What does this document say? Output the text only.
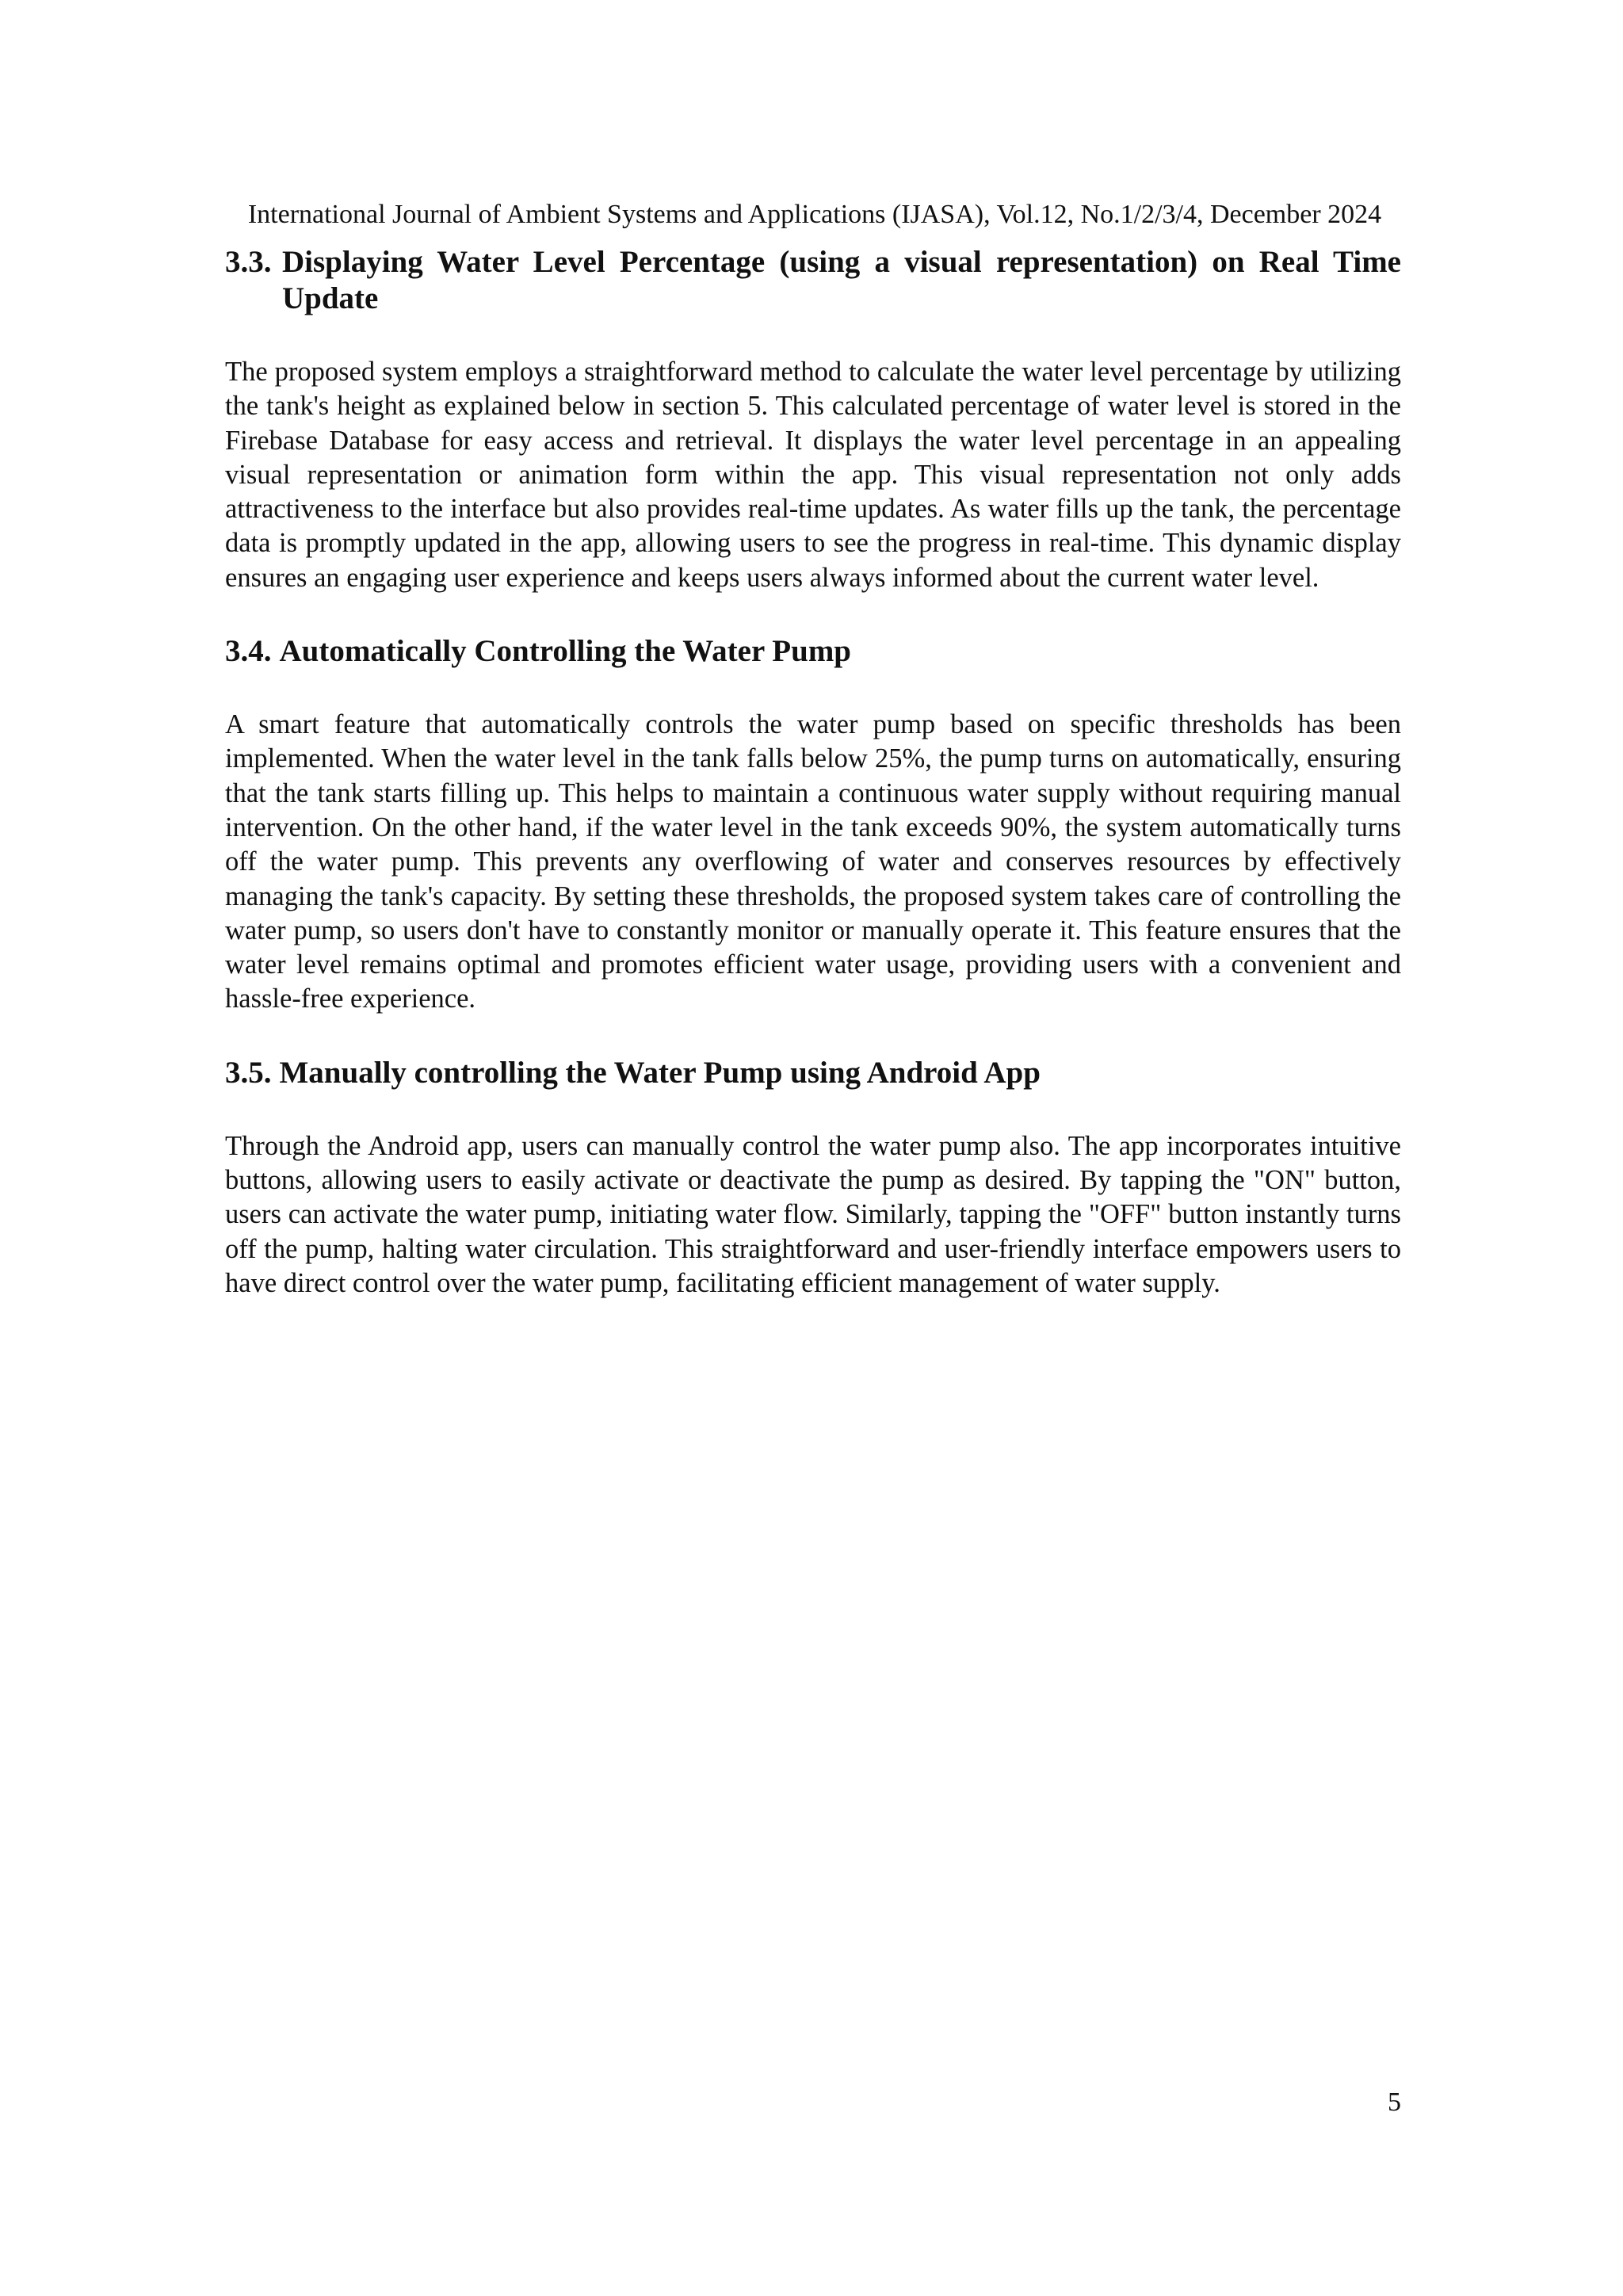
International Journal of Ambient Systems and Applications (IJASA), Vol.12, No.1/2/3/4, December 2024
3.3. Displaying Water Level Percentage (using a visual representation) on Real Time Update

The proposed system employs a straightforward method to calculate the water level percentage by utilizing the tank's height as explained below in section 5. This calculated percentage of water level is stored in the Firebase Database for easy access and retrieval. It displays the water level percentage in an appealing visual representation or animation form within the app. This visual representation not only adds attractiveness to the interface but also provides real-time updates. As water fills up the tank, the percentage data is promptly updated in the app, allowing users to see the progress in real-time. This dynamic display ensures an engaging user experience and keeps users always informed about the current water level.

3.4. Automatically Controlling the Water Pump

A smart feature that automatically controls the water pump based on specific thresholds has been implemented. When the water level in the tank falls below 25%, the pump turns on automatically, ensuring that the tank starts filling up. This helps to maintain a continuous water supply without requiring manual intervention. On the other hand, if the water level in the tank exceeds 90%, the system automatically turns off the water pump. This prevents any overflowing of water and conserves resources by effectively managing the tank's capacity. By setting these thresholds, the proposed system takes care of controlling the water pump, so users don't have to constantly monitor or manually operate it. This feature ensures that the water level remains optimal and promotes efficient water usage, providing users with a convenient and hassle-free experience.

3.5. Manually controlling the Water Pump using Android App

Through the Android app, users can manually control the water pump also. The app incorporates intuitive buttons, allowing users to easily activate or deactivate the pump as desired. By tapping the "ON" button, users can activate the water pump, initiating water flow. Similarly, tapping the "OFF" button instantly turns off the pump, halting water circulation. This straightforward and user-friendly interface empowers users to have direct control over the water pump, facilitating efficient management of water supply.

5
